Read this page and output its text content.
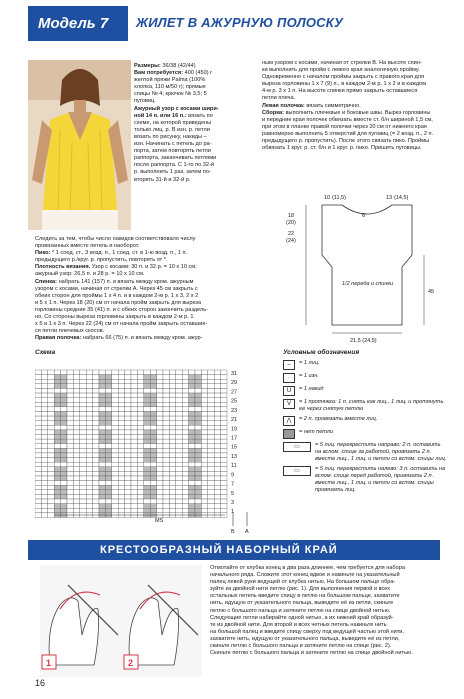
Модель 7	ЖИЛЕТ В АЖУРНУЮ ПОЛОСКУ

Размеры: 36/38 (42/44)

Вам потребуется: 400 (450) г

желтой пряжи Palma (100%

хлопка, 110 м/50 г); прямые

спицы № 4; крючок № 3,5; 5

пуговиц.

Ажурный узор с косами шири-

ной 14 п. или 16 п.: вязать по

схеме, на которой приведены

только лиц. р. В изн. р. петли

вязать по рисунку, накиды –

изн. Начинать с петель до ра-

порта, затем повторять петли

раппорта, заканчивать петлями

после раппорта. С 1-го по 32-й

р. выполнить 1 раз, затем по-

вторять 31-й и 32-й р.

Следить за тем, чтобы число накидов соответствовало числу

провязанных вместе петель и наоборот.

Пико: * 1 соед. ст., 3 возд. п., 1 соед. ст. в 1-ю возд. п., 1 п.

предыдущего р./круг. р. пропустить, повторять от *.

Плотность вязания. Узор с косами: 30 п. и 32 р. = 10 х 10 см;

ажурный узор: 26,5 п. и 28 р. = 10 х 10 см.

Спинка: набрать 141 (157) п. и вязать между кром. ажурным

узором с косами, начиная от стрелки А. Через 45 см закрыть с

обеих сторон для проймы 1 х 4 п. и в каждом 2-м р. 1 х 3, 2 х 2

и 5 х 1 п. Через 18 (20) см от начала пройм закрыть для выреза

горловины средние 35 (41) п. и с обеих сторон закончить раздель-

но. Со стороны выреза горловины закрыть в каждом 2-м р. 1

х 5 и 1 х 3 п. Через 22 (24) см от начала пройм закрыть оставшие-

ся петли плечевых скосов.

Правая полочка: набрать 66 (75) п. и вязать между кром. ажур-

ным узором с косами, начиная от стрелки В. На высоте спин-

ки выполнить для пройм с левого края аналогичную пройму.

Одновременно с началом проймы закрыть с правого края для

выреза горловины 1 х 7 (9) п., в каждом 2-м р. 1 х 2 и в каждом

4-м р. 3 х 1 п. На высоте спинки прямо закрыть оставшиеся

петли плеча.

Левая полочка: вязать симметрично.

Сборка: выполнить плечевые и боковые швы. Вырез горловины

и передние края полочек обвязать вместе ст. б/н шириной 1,5 см,

при этом в планке правой полочки через 20 см от нижнего края

равномерно выполнить 5 отверстий для пуговиц (= 2 возд. п., 2 п.

предыдущего р. пропустить). После этого связать пико. Проймы

обвязать 1 круг. р. ст. б/н и 1 круг. р. пико. Пришить пуговицы.

10 (11,5)	13 (14,5)
18
(20)
22
(24)
45
21,5 (24,5)
6
1/2 переда и спинки
Схема
31
29
27
25
23
21
19
17
15
13
11
9
7
5
3
1
MS
B A
Условные обозначения
–	= 1 лиц.
·	= 1 изн.
U	= 1 накид
V	= 1 протяжка: 1 п. снять как лиц., 1 лиц. и протянуть ее через снятую петлю
⋀	= 2 п. провязать вместе лиц.
= нет петли
▭	= 5 лиц. перекрестить направо: 2 п. оставить на вспом. спице за работой, провязать 2 п. вместе лиц., 1 лиц. и петли со вспом. спицы лиц.
▭	= 5 лиц. перекрестить налево: 3 п. оставить на вспом. спице перед работой, провязать 2 п. вместе лиц., 1 лиц. и петли со вспом. спицы провязать лиц.
КРЕСТООБРАЗНЫЙ НАБОРНЫЙ КРАЙ
1	2

Отмотайте от клубка конец в два раза длиннее, чем требуется для набора

начального ряда. Сложите этот конец вдвое и накиньте на указательный

палец левой руки ведущей от клубка нитью. На большом пальце обра-

зуйте из двойной нити петлю (рис. 1). Для выполнения первой и всех

остальных петель введите спицу в петлю на большом пальце, захватите

нить, идущую от указательного пальца, выведите её из петли, скиньте

петлю с большого пальца и затяните петлю на спице двойной нитью.

Следующие петли набирайте одной нитью, а их нижний край образуй-

те из двойной нити. Для второй и всех четных петель накиньте нить

на большой палец и введите спицу сверху под ведущей частью этой нити,

захватите нить, идущую от указательного пальца, выведите её из петли,

скиньте петлю с большого пальца и затяните петлю на спице (рис. 2).

Скиньте петлю с большого пальца и затяните петлю на спице двойной нитью.

16
